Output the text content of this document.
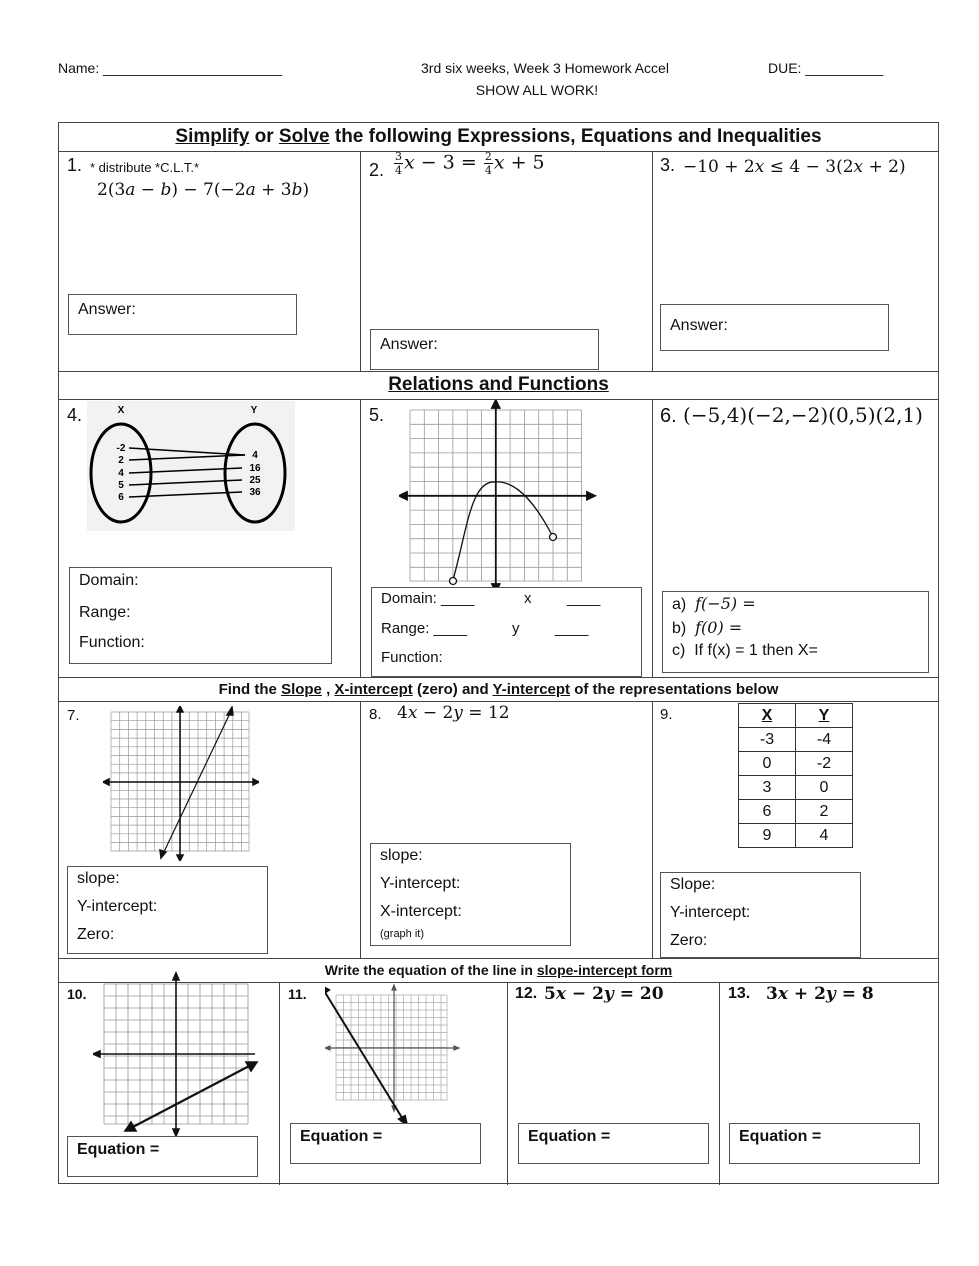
Name: _______________________	3rd six weeks, Week 3 Homework Accel	DUE: __________
SHOW ALL WORK!
Simplify or Solve the following Expressions, Equations and Inequalities
1. * distribute *C.L.T.*
2(3a − b) − 7(−2a + 3b)
Answer:
2. $\frac{3}{4}$ $x - 3 = \frac{2}{4}$ x + 5
Answer:
3. −10 + 2x ≤ 4 − 3(2x + 2)
Answer:
Relations and Functions
4.	X	Y
-2
2
4
5
6
4
16
25
36
Domain:
Range:
Function:
5.
Domain: ____	x ____
Range: ____	y ____
Function:
6. (−5,4)(−2,−2)(0,5)(2,1)
a) f(−5) =
b) f(0) =
c) If f(x) = 1 then X=
Find the Slope , X-intercept (zero) and Y-intercept of the representations below
7.
slope:
Y-intercept:
Zero:
8. 4x − 2y = 12
slope:
Y-intercept:
X-intercept:
(graph it)
9.	X	Y
-3	-4
0	-2
3	0
6	2
9	4
Slope:
Y-intercept:
Zero:
Write the equation of the line in slope-intercept form
10.
Equation =
11.
Equation =
12. 5x − 2y = 20
Equation =
13. 3x + 2y = 8
Equation =
